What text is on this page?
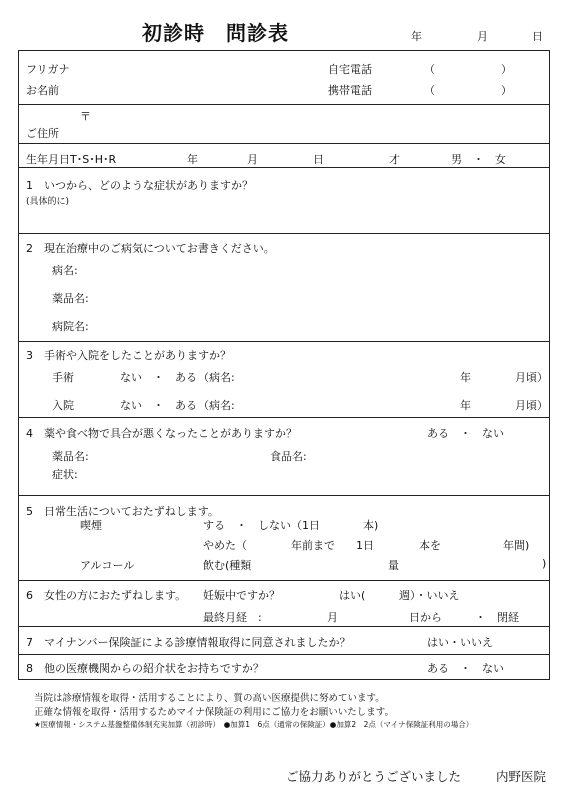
初診時　問診表	年	月	日
フリガナ
お名前
自宅電話	（　　　　　　）
携帯電話	（　　　　　　）
〒
ご住所
生年月日T･S･H･R	年	月	日	才	男　・　女
1　いつから、どのような症状がありますか？
(具体的に)
2　現在治療中のご病気についてお書きください。
病名:
薬品名:
病院名:
3　手術や入院をしたことがありますか？
手術	ない　・　ある （病名:	年	月頃）
入院	ない　・　ある （病名:	年	月頃）
4　薬や食べ物で具合が悪くなったことがありますか？	ある　・　ない
薬品名:	食品名:
症状:
5　日常生活についておたずねします。
喫煙	する　・　しない（1日	本)
やめた（	年前まで 1日	本を	年間)
アルコール	飲む(種類	量	)
6　女性の方におたずねします。 妊娠中ですか？	はい(	週）・いいえ
最終月経　:	月	日から	・　閉経
7　マイナンバー保険証による診療情報取得に同意されましたか？	はい・いいえ
8　他の医療機関からの紹介状をお持ちですか？	ある　・　ない
当院は診療情報を取得・活用することにより、質の高い医療提供に努めています。
正確な情報を取得・活用するためマイナ保険証の利用にご協力をお願いいたします。
★医療情報・システム基盤整備体制充実加算（初診時）　●加算1　6点（通常の保険証）●加算2　2点（マイナ保険証利用の場合）
ご協力ありがとうございました	内野医院
